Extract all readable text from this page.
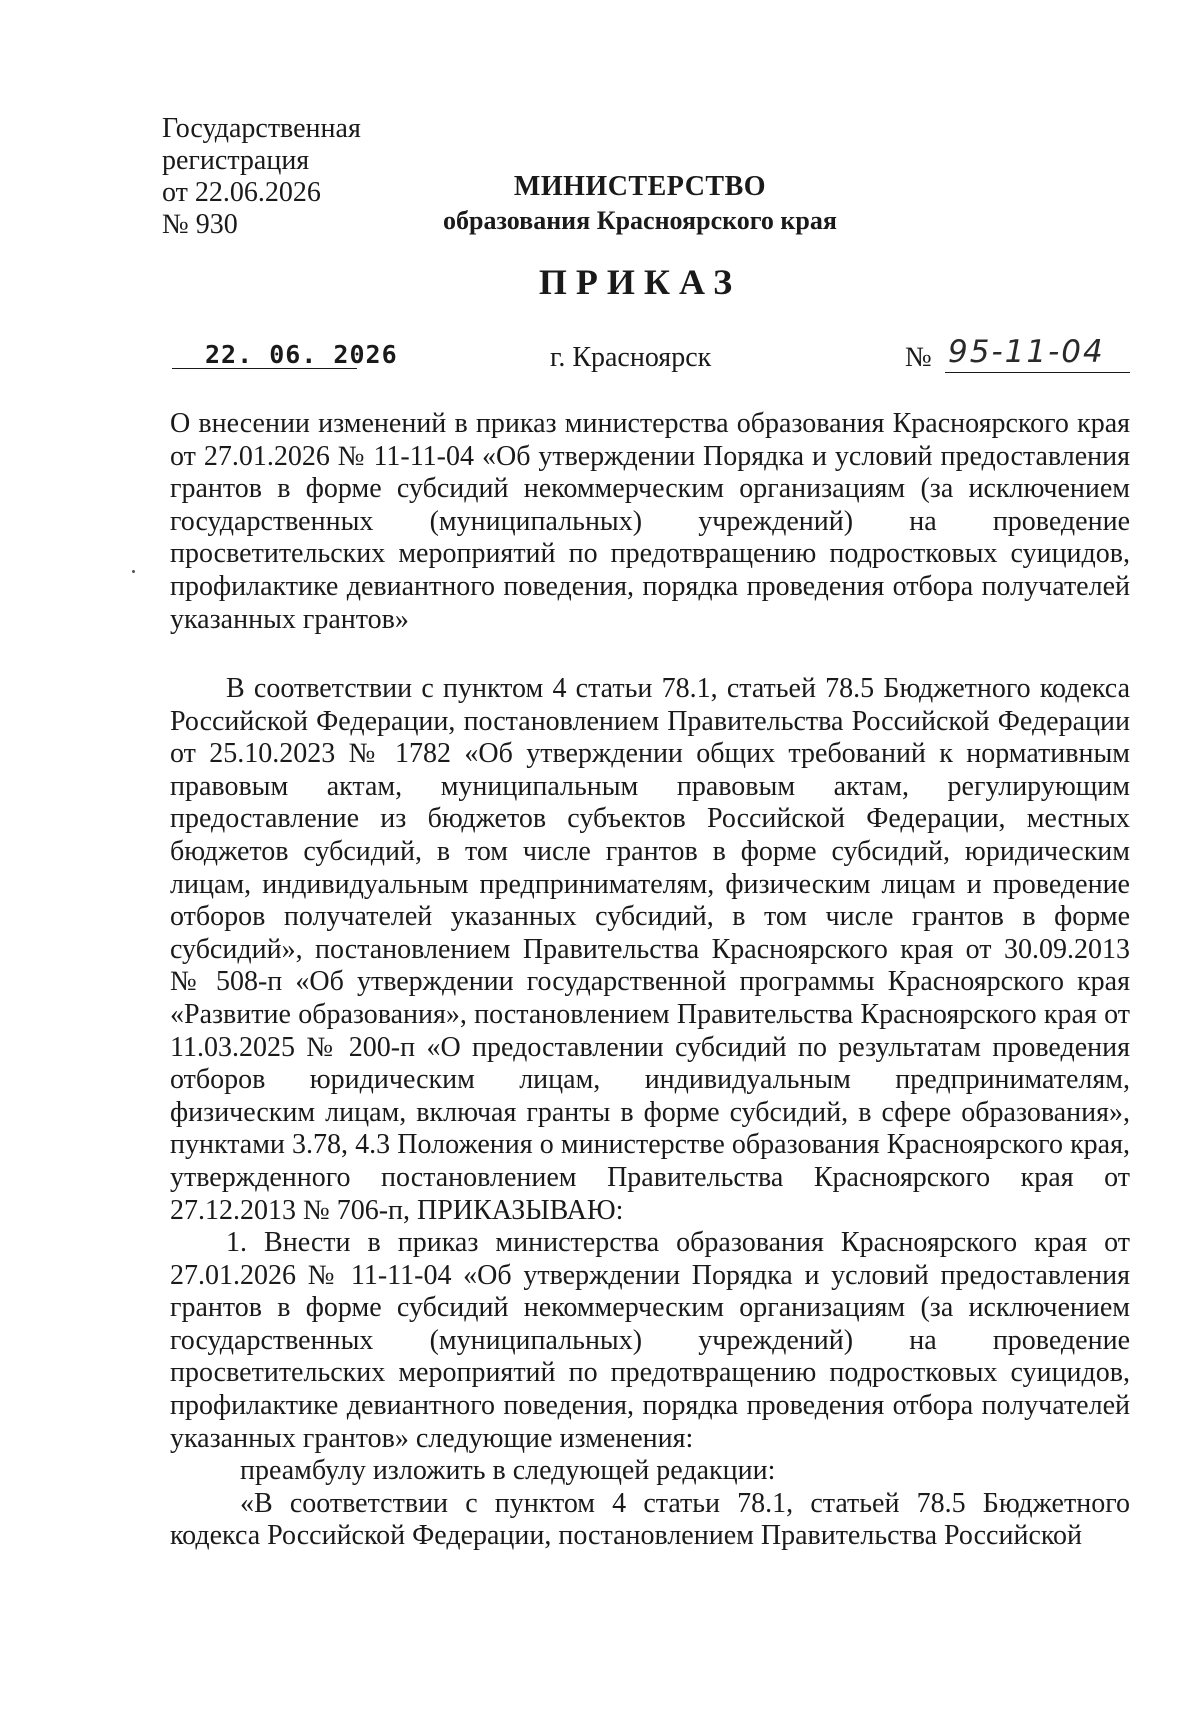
Государственная
регистрация
от 22.06.2026
№ 930
МИНИСТЕРСТВО
образования Красноярского края
ПРИКАЗ
22. 06. 2026	г. Красноярск	№ 95-11-04

О внесении изменений в приказ министерства образования Красноярского края от 27.01.2026 № 11-11-04 «Об утверждении Порядка и условий предоставления грантов в форме субсидий некоммерческим организациям (за исключением государственных (муниципальных) учреждений) на проведение просветительских мероприятий по предотвращению подростковых суицидов, профилактике девиантного поведения, порядка проведения отбора получателей указанных грантов»

В соответствии с пунктом 4 статьи 78.1, статьей 78.5 Бюджетного кодекса Российской Федерации, постановлением Правительства Российской Федерации от 25.10.2023 № 1782 «Об утверждении общих требований к нормативным правовым актам, муниципальным правовым актам, регулирующим предоставление из бюджетов субъектов Российской Федерации, местных бюджетов субсидий, в том числе грантов в форме субсидий, юридическим лицам, индивидуальным предпринимателям, физическим лицам и проведение отборов получателей указанных субсидий, в том числе грантов в форме субсидий», постановлением Правительства Красноярского края от 30.09.2013 № 508-п «Об утверждении государственной программы Красноярского края «Развитие образования», постановлением Правительства Красноярского края от 11.03.2025 № 200-п «О предоставлении субсидий по результатам проведения отборов юридическим лицам, индивидуальным предпринимателям, физическим лицам, включая гранты в форме субсидий, в сфере образования», пунктами 3.78, 4.3 Положения о министерстве образования Красноярского края, утвержденного постановлением Правительства Красноярского края от 27.12.2013 № 706-п, ПРИКАЗЫВАЮ:

1. Внести в приказ министерства образования Красноярского края от 27.01.2026 № 11-11-04 «Об утверждении Порядка и условий предоставления грантов в форме субсидий некоммерческим организациям (за исключением государственных (муниципальных) учреждений) на проведение просветительских мероприятий по предотвращению подростковых суицидов, профилактике девиантного поведения, порядка проведения отбора получателей указанных грантов» следующие изменения:

преамбулу изложить в следующей редакции:

«В соответствии с пунктом 4 статьи 78.1, статьей 78.5 Бюджетного кодекса Российской Федерации, постановлением Правительства Российской
